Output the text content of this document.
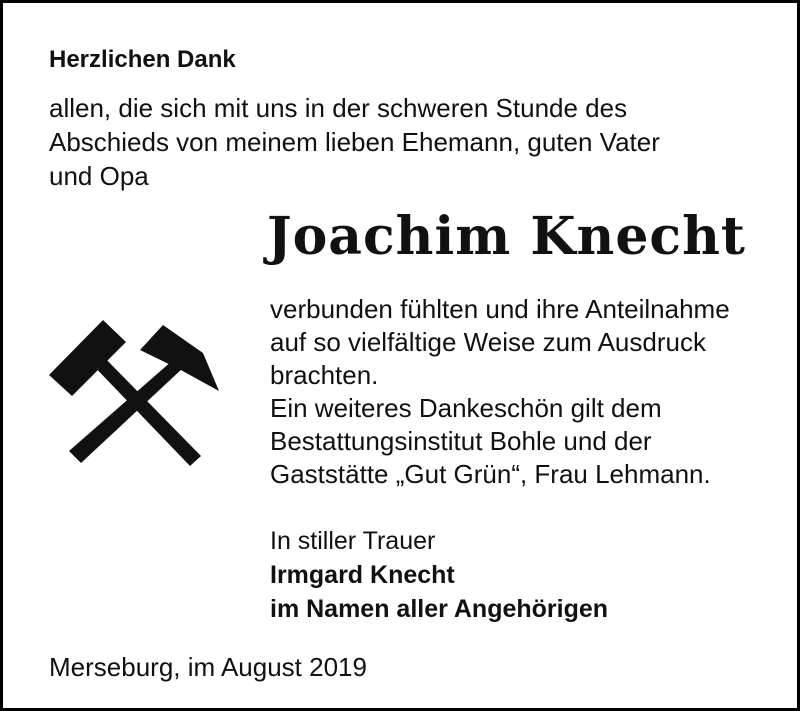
Herzlichen Dank

allen, die sich mit uns in der schweren Stunde des
Abschieds von meinem lieben Ehemann, guten Vater
und Opa

Joachim Knecht

verbunden fühlten und ihre Anteilnahme
auf so vielfältige Weise zum Ausdruck
brachten.
Ein weiteres Dankeschön gilt dem
Bestattungsinstitut Bohle und der
Gaststätte „Gut Grün“, Frau Lehmann.

In stiller Trauer
Irmgard Knecht
im Namen aller Angehörigen
Merseburg, im August 2019
